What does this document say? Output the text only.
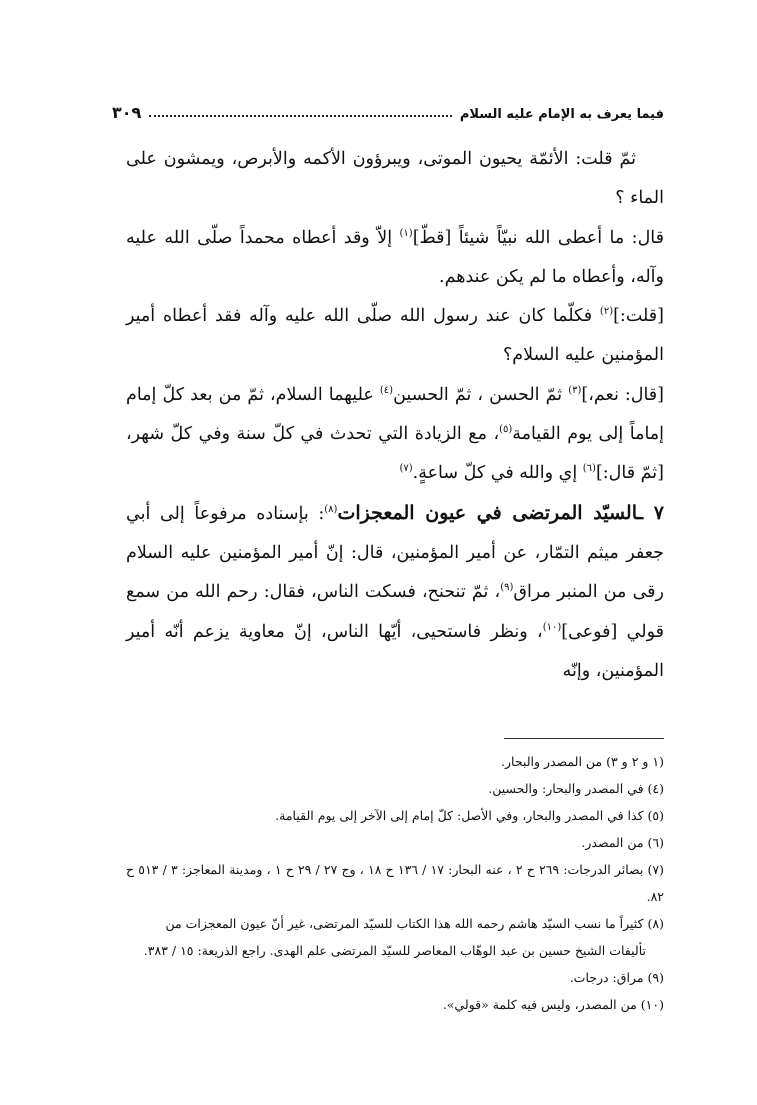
فيما يعرف به الإمام عليه السلام
٣٠٩

ثمّ قلت: الأئمّة يحيون الموتى، ويبرؤون الأكمه والأبرص، ويمشون على الماء ؟

قال: ما أعطى الله نبيّاً شيئاً [قطّ]$^{(١)}$ إلاّ وقد أعطاه محمداً صلّى الله عليه وآله، وأعطاه ما لم يكن عندهم.

[قلت:]$^{(٢)}$ فكلّما كان عند رسول الله صلّى الله عليه وآله فقد أعطاه أمير المؤمنين عليه السلام؟

[قال: نعم،]$^{(٣)}$ ثمّ الحسن ، ثمّ الحسين$^{(٤)}$ عليهما السلام، ثمّ من بعد كلّ إمام إماماً إلى يوم القيامة$^{(٥)}$، مع الزيادة التي تحدث في كلّ سنة وفي كلّ شهر، [ثمّ قال:]$^{(٦)}$ إي والله في كلّ ساعةٍ.$^{(٧)}$

٧ ـالسيّد المرتضى في عيون المعجزات$^{(٨)}$: بإسناده مرفوعاً إلى أبي جعفر ميثم التمّار، عن أمير المؤمنين، قال: إنّ أمير المؤمنين عليه السلام رقى من المنبر مراق$^{(٩)}$، ثمّ تنحنح، فسكت الناس، فقال: رحم الله من سمع قولي [فوعى]$^{(١٠)}$، ونظر فاستحيى، أيّها الناس، إنّ معاوية يزعم أنّه أمير المؤمنين، وإنّه

(١ و ٢ و ٣) من المصدر والبحار.

(٤) في المصدر والبحار: والحسين.

(٥) كذا في المصدر والبحار، وفي الأصل: كلّ إمام إلى الآخر إلى يوم القيامة.

(٦) من المصدر.

(٧) بصائر الدرجات: ٢٦٩ ح ٢ ، عنه البحار: ١٧ / ١٣٦ ح ١٨ ، وج ٢٧ / ٢٩ ح ١ ، ومدينة المعاجز: ٣ / ٥١٣ ح ٨٢.

(٨) كثيراً ما نسب السيّد هاشم رحمه الله هذا الكتاب للسيّد المرتضى، غير أنّ عيون المعجزات من
تأليفات الشيخ حسين بن عبد الوهّاب المعاصر للسيّد المرتضى علم الهدى. راجع الذريعة: ١٥ / ٣٨٣.

(٩) مراق: درجات.

(١٠) من المصدر، وليس فيه كلمة «قولي».
